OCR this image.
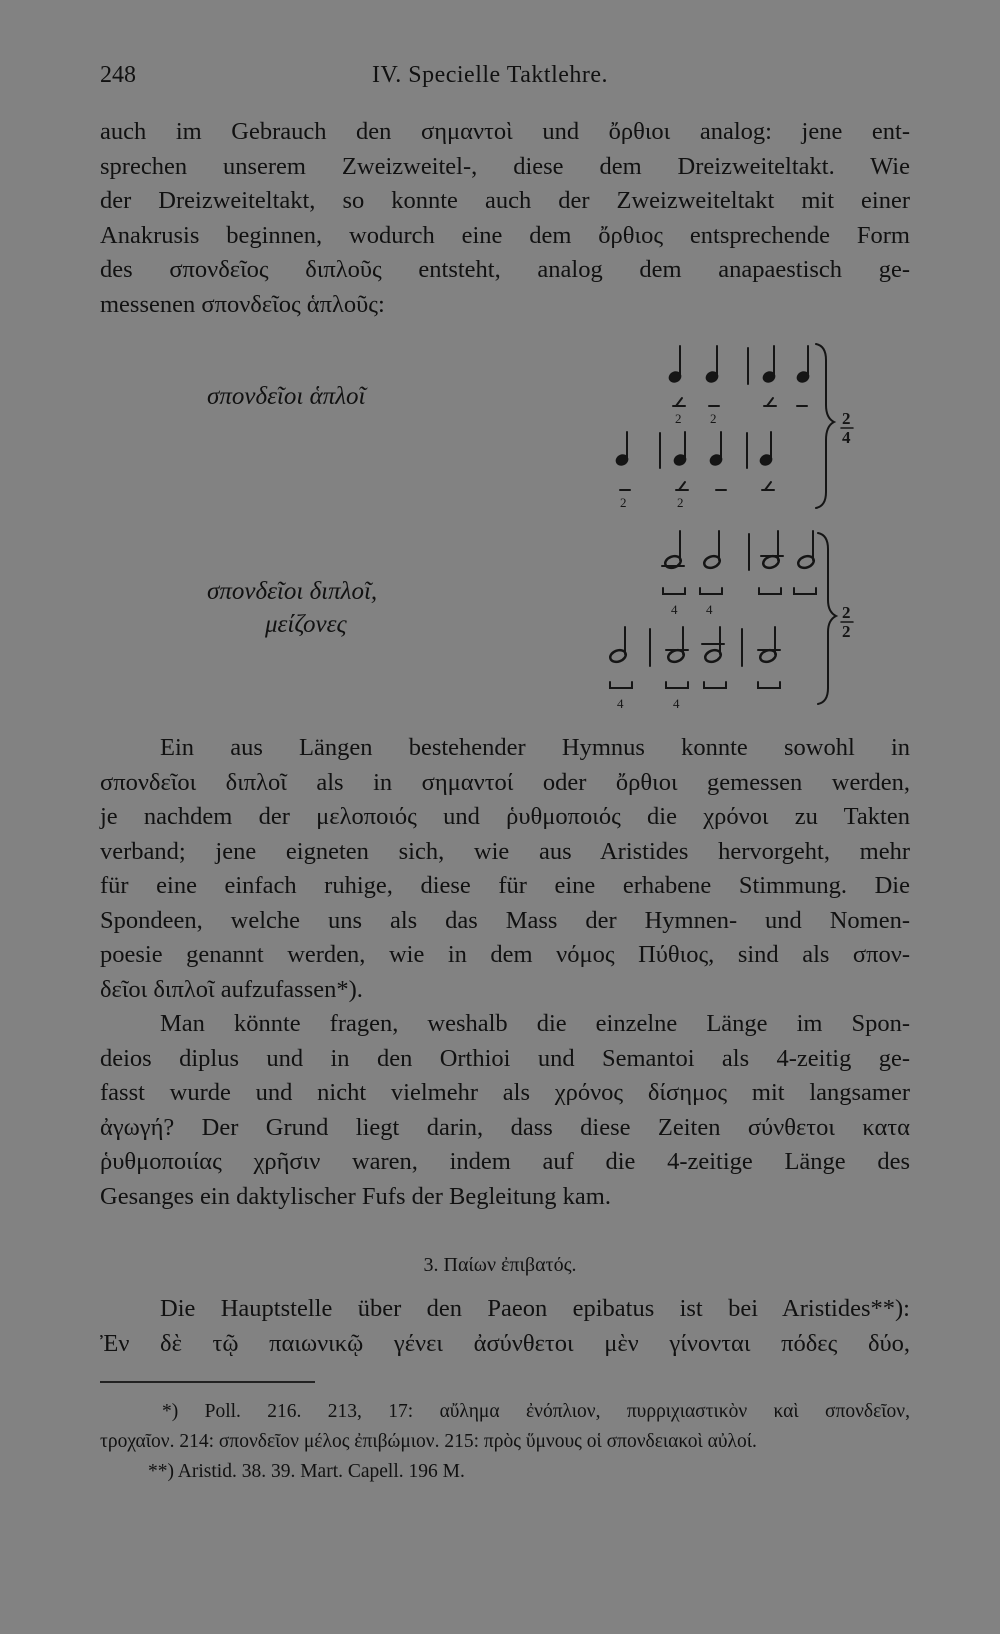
248	IV. Specielle Taktlehre.
auch im Gebrauch den σημαντοὶ und ὄρθιοι analog: jene ent-
sprechen unserem Zweizweitel-, diese dem Dreizweiteltakt. Wie
der Dreizweiteltakt, so konnte auch der Zweizweiteltakt mit einer
Anakrusis beginnen, wodurch eine dem ὄρθιος entsprechende Form
des σπονδεῖος διπλοῦς entsteht, analog dem anapaestisch ge-
messenen σπονδεῖος ἁπλοῦς:
σπονδεῖοι ἁπλοῖ
σπονδεῖοι διπλοῖ,
μείζονες
2 2
2	2
2
4
4 4
4	4
2
2
Ein aus Längen bestehender Hymnus konnte sowohl in
σπονδεῖοι διπλοῖ als in σημαντοί oder ὄρθιοι gemessen werden,
je nachdem der μελοποιός und ῥυθμοποιός die χρόνοι zu Takten
verband; jene eigneten sich, wie aus Aristides hervorgeht, mehr
für eine einfach ruhige, diese für eine erhabene Stimmung. Die
Spondeen, welche uns als das Mass der Hymnen- und Nomen-
poesie genannt werden, wie in dem νόμος Πύθιος, sind als σπον-
δεῖοι διπλοῖ aufzufassen*).
Man könnte fragen, weshalb die einzelne Länge im Spon-
deios diplus und in den Orthioi und Semantoi als 4-zeitig ge-
fasst wurde und nicht vielmehr als χρόνος δίσημος mit langsamer
ἀγωγή? Der Grund liegt darin, dass diese Zeiten σύνθετοι κατα
ῥυθμοποιίας χρῆσιν waren, indem auf die 4-zeitige Länge des
Gesanges ein daktylischer Fufs der Begleitung kam.
3. Παίων ἐπιβατός.
Die Hauptstelle über den Paeon epibatus ist bei Aristides**):
Ἐν δὲ τῷ παιωνικῷ γένει ἀσύνθετοι μὲν γίνονται πόδες δύο,
*) Poll. 216. 213, 17: αὔλημα ἐνόπλιον, πυρριχιαστικὸν καὶ σπονδεῖον,
τροχαῖον. 214: σπονδεῖον μέλος ἐπιβώμιον. 215: πρὸς ὕμνους οἱ σπονδειακοὶ αὐλοί.
**) Aristid. 38. 39. Mart. Capell. 196 M.
